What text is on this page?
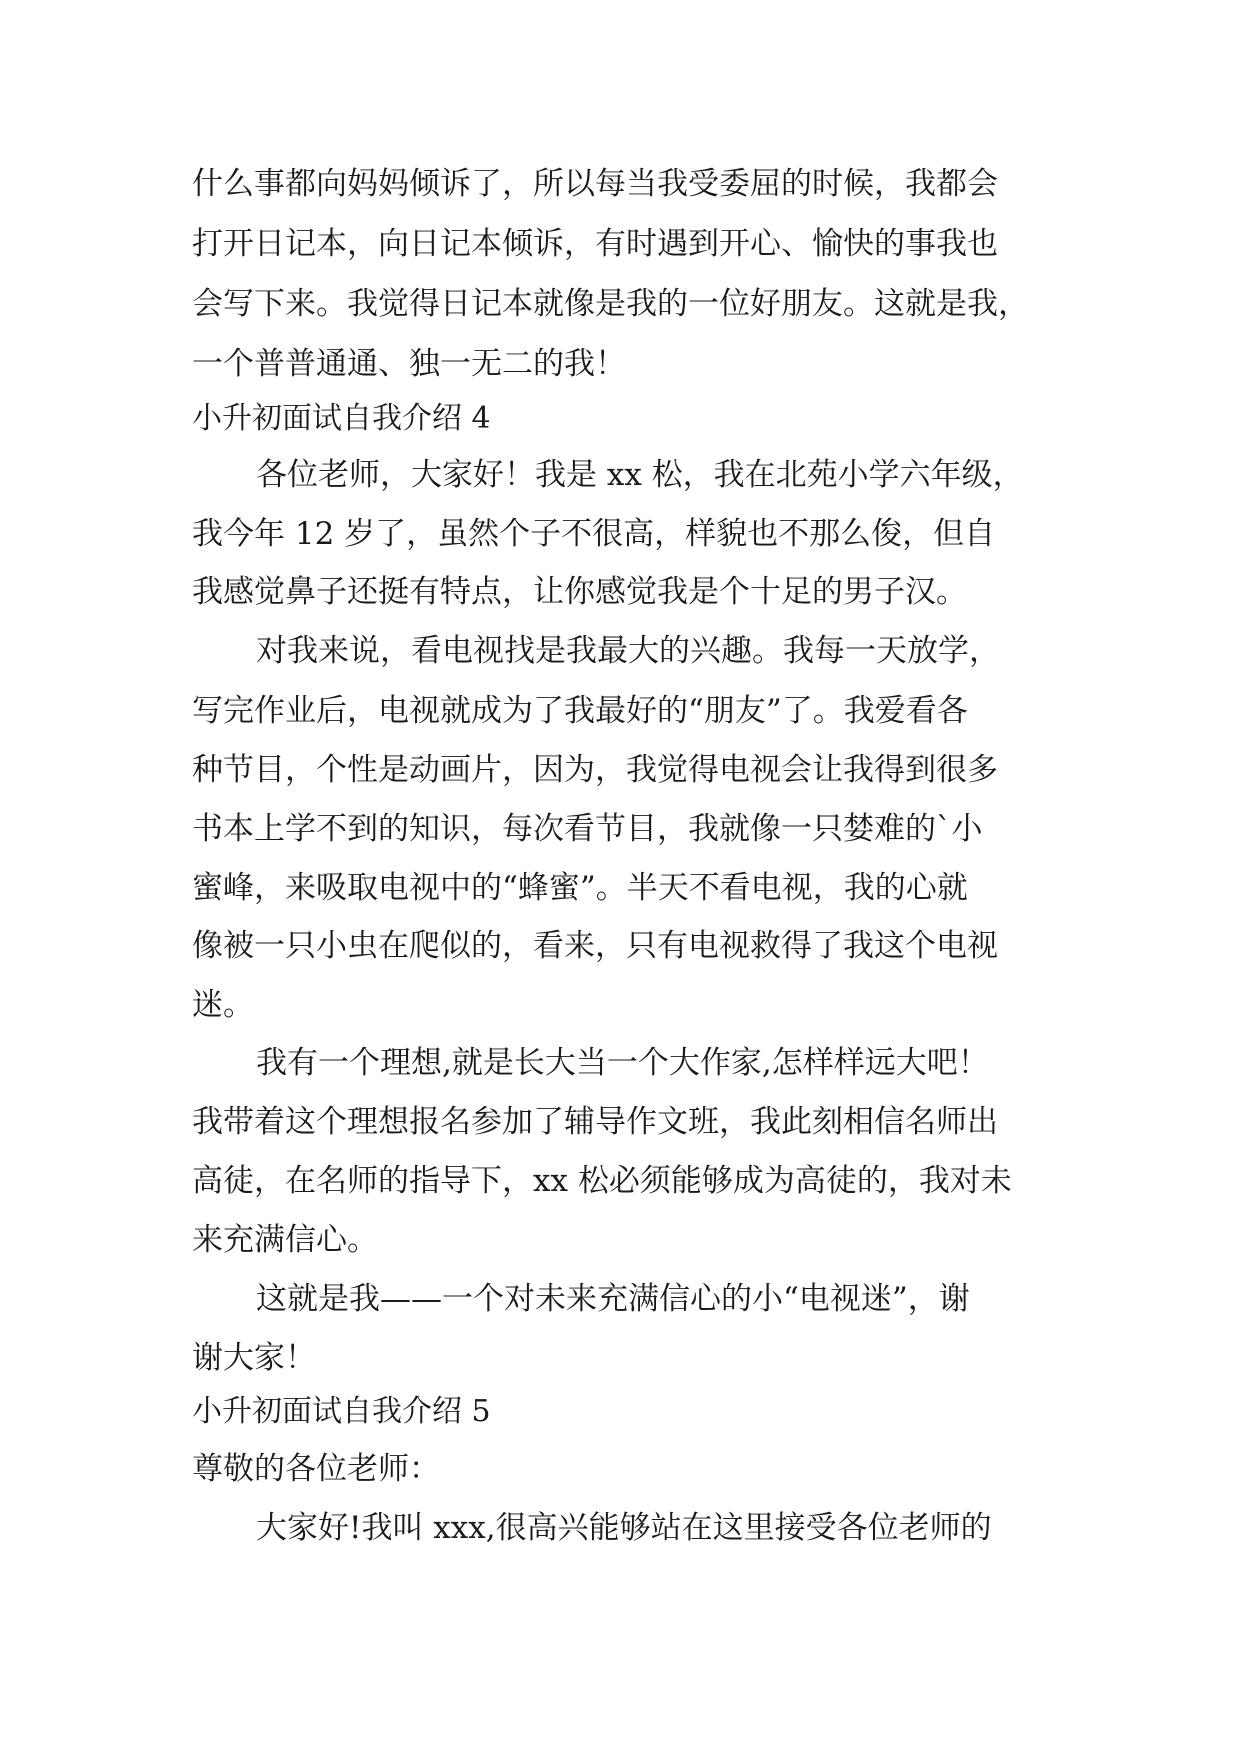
什么事都向妈妈倾诉了，所以每当我受委屈的时候，我都会
打开日记本，向日记本倾诉，有时遇到开心、愉快的事我也
会写下来。我觉得日记本就像是我的一位好朋友。这就是我，
一个普普通通、独一无二的我！
小升初面试自我介绍 4
各位老师，大家好！我是 xx 松，我在北苑小学六年级，
我今年 12 岁了，虽然个子不很高，样貌也不那么俊，但自
我感觉鼻子还挺有特点，让你感觉我是个十足的男子汉。
对我来说，看电视找是我最大的兴趣。我每一天放学，
写完作业后，电视就成为了我最好的“朋友”了。我爱看各
种节目，个性是动画片，因为，我觉得电视会让我得到很多
书本上学不到的知识，每次看节目，我就像一只婪难的`小
蜜峰，来吸取电视中的“蜂蜜”。半天不看电视，我的心就
像被一只小虫在爬似的，看来，只有电视救得了我这个电视
迷。
我有一个理想,就是长大当一个大作家,怎样样远大吧！
我带着这个理想报名参加了辅导作文班，我此刻相信名师出
高徒，在名师的指导下，xx 松必须能够成为高徒的，我对未
来充满信心。
这就是我——一个对未来充满信心的小“电视迷”，谢
谢大家！
小升初面试自我介绍 5
尊敬的各位老师：
大家好!我叫 xxx,很高兴能够站在这里接受各位老师的
